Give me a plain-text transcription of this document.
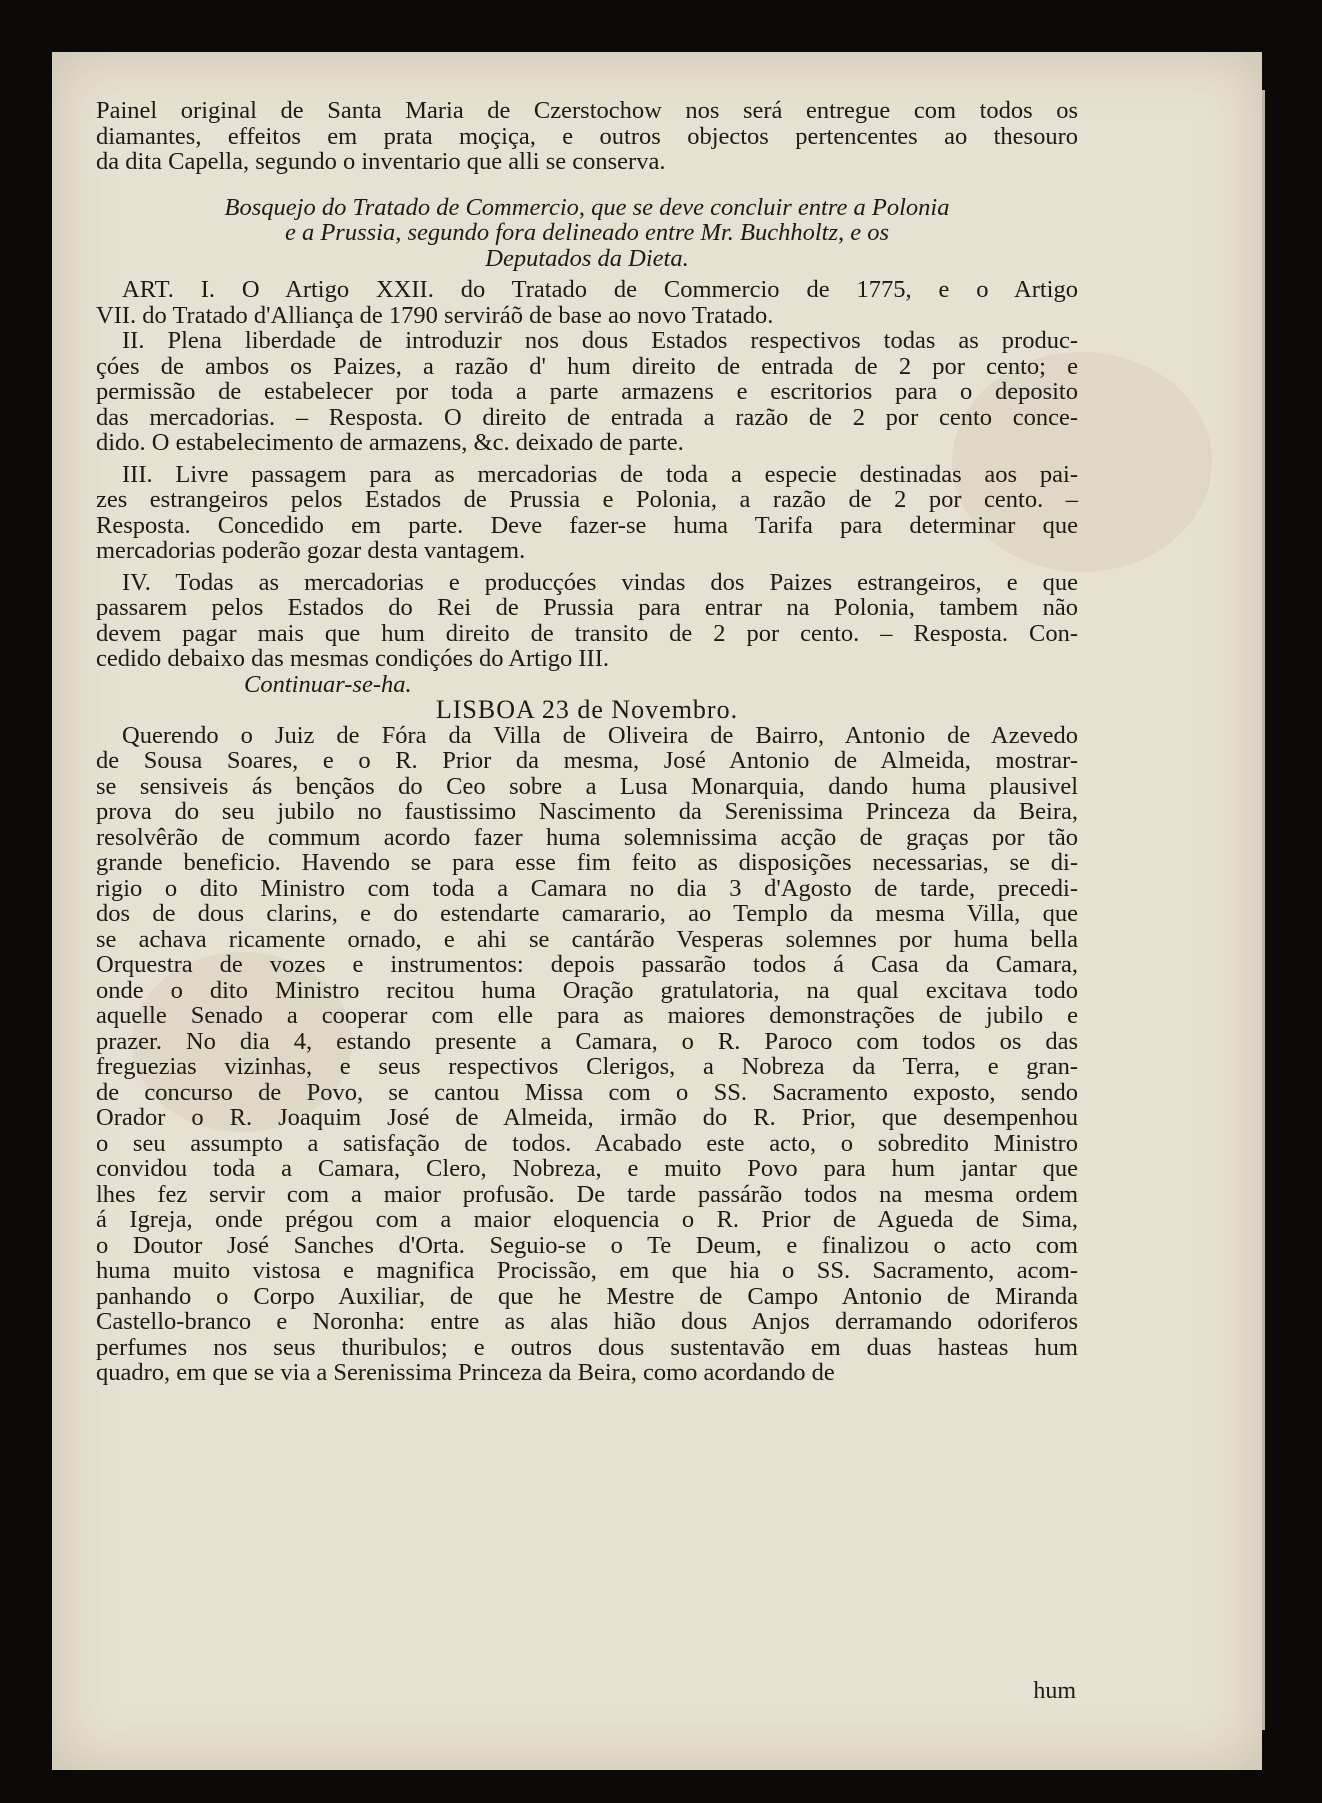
Painel original de Santa Maria de Czerstochow nos será entregue com todos os
diamantes, effeitos em prata moçiça, e outros objectos pertencentes ao thesouro
da dita Capella, segundo o inventario que alli se conserva.
Bosquejo do Tratado de Commercio, que se deve concluir entre a Polonia
e a Prussia, segundo fora delineado entre Mr. Buchholtz, e os
Deputados da Dieta.
ART. I. O Artigo XXII. do Tratado de Commercio de 1775, e o Artigo
VII. do Tratado d'Alliança de 1790 serviráõ de base ao novo Tratado.
II. Plena liberdade de introduzir nos dous Estados respectivos todas as produc-
çóes de ambos os Paizes, a razão d' hum direito de entrada de 2 por cento; e
permissão de estabelecer por toda a parte armazens e escritorios para o deposito
das mercadorias. – Resposta. O direito de entrada a razão de 2 por cento conce-
dido. O estabelecimento de armazens, &c. deixado de parte.
III. Livre passagem para as mercadorias de toda a especie destinadas aos pai-
zes estrangeiros pelos Estados de Prussia e Polonia, a razão de 2 por cento. –
Resposta. Concedido em parte. Deve fazer-se huma Tarifa para determinar que
mercadorias poderão gozar desta vantagem.
IV. Todas as mercadorias e producçóes vindas dos Paizes estrangeiros, e que
passarem pelos Estados do Rei de Prussia para entrar na Polonia, tambem não
devem pagar mais que hum direito de transito de 2 por cento. – Resposta. Con-
cedido debaixo das mesmas condiçóes do Artigo III.
Continuar-se-ha.
LISBOA 23 de Novembro.
Querendo o Juiz de Fóra da Villa de Oliveira de Bairro, Antonio de Azevedo
de Sousa Soares, e o R. Prior da mesma, José Antonio de Almeida, mostrar-
se sensiveis ás bençãos do Ceo sobre a Lusa Monarquia, dando huma plausivel
prova do seu jubilo no faustissimo Nascimento da Serenissima Princeza da Beira,
resolvêrão de commum acordo fazer huma solemnissima acção de graças por tão
grande beneficio. Havendo se para esse fim feito as disposições necessarias, se di-
rigio o dito Ministro com toda a Camara no dia 3 d'Agosto de tarde, precedi-
dos de dous clarins, e do estendarte camarario, ao Templo da mesma Villa, que
se achava ricamente ornado, e ahi se cantárão Vesperas solemnes por huma bella
Orquestra de vozes e instrumentos: depois passarão todos á Casa da Camara,
onde o dito Ministro recitou huma Oração gratulatoria, na qual excitava todo
aquelle Senado a cooperar com elle para as maiores demonstrações de jubilo e
prazer. No dia 4, estando presente a Camara, o R. Paroco com todos os das
freguezias vizinhas, e seus respectivos Clerigos, a Nobreza da Terra, e gran-
de concurso de Povo, se cantou Missa com o SS. Sacramento exposto, sendo
Orador o R. Joaquim José de Almeida, irmão do R. Prior, que desempenhou
o seu assumpto a satisfação de todos. Acabado este acto, o sobredito Ministro
convidou toda a Camara, Clero, Nobreza, e muito Povo para hum jantar que
lhes fez servir com a maior profusão. De tarde passárão todos na mesma ordem
á Igreja, onde prégou com a maior eloquencia o R. Prior de Agueda de Sima,
o Doutor José Sanches d'Orta. Seguio-se o Te Deum, e finalizou o acto com
huma muito vistosa e magnifica Procissão, em que hia o SS. Sacramento, acom-
panhando o Corpo Auxiliar, de que he Mestre de Campo Antonio de Miranda
Castello-branco e Noronha: entre as alas hião dous Anjos derramando odoriferos
perfumes nos seus thuribulos; e outros dous sustentavão em duas hasteas hum
quadro, em que se via a Serenissima Princeza da Beira, como acordando de
hum
